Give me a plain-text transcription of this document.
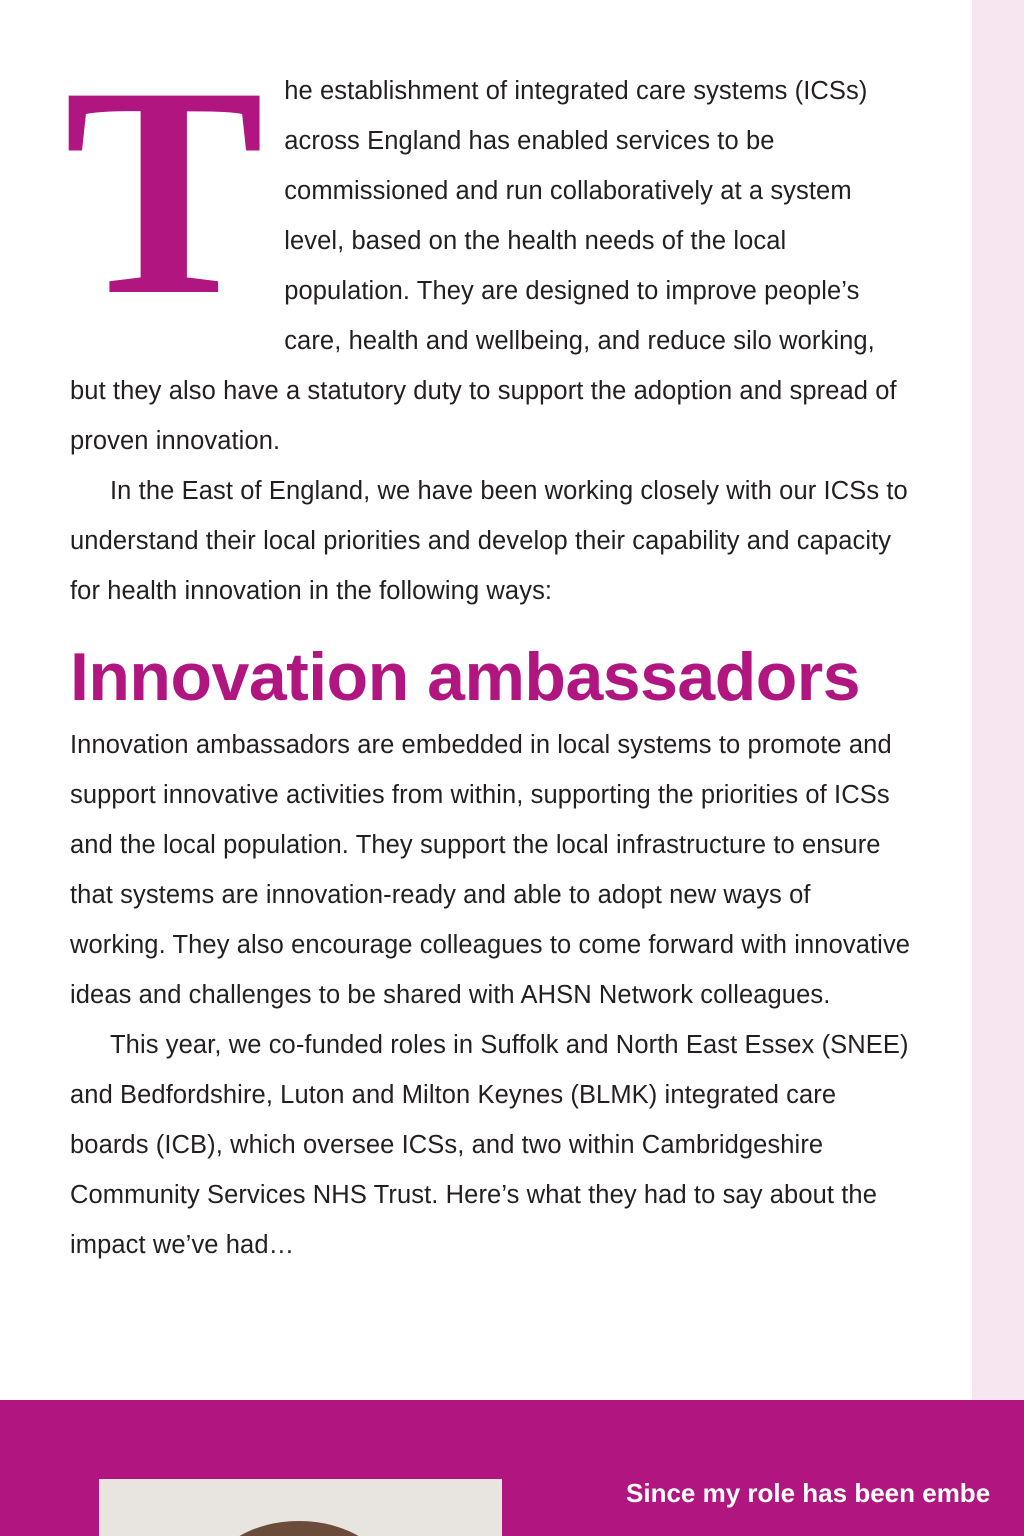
The establishment of integrated care systems (ICSs) across England has enabled services to be commissioned and run collaboratively at a system level, based on the health needs of the local population. They are designed to improve people’s care, health and wellbeing, and reduce silo working, but they also have a statutory duty to support the adoption and spread of proven innovation.

In the East of England, we have been working closely with our ICSs to understand their local priorities and develop their capability and capacity for health innovation in the following ways:

Innovation ambassadors

Innovation ambassadors are embedded in local systems to promote and support innovative activities from within, supporting the priorities of ICSs and the local population. They support the local infrastructure to ensure that systems are innovation-ready and able to adopt new ways of working. They also encourage colleagues to come forward with innovative ideas and challenges to be shared with AHSN Network colleagues.

This year, we co-funded roles in Suffolk and North East Essex (SNEE) and Bedfordshire, Luton and Milton Keynes (BLMK) integrated care boards (ICB), which oversee ICSs, and two within Cambridgeshire Community Services NHS Trust. Here’s what they had to say about the impact we’ve had…

Since my role has been embe
